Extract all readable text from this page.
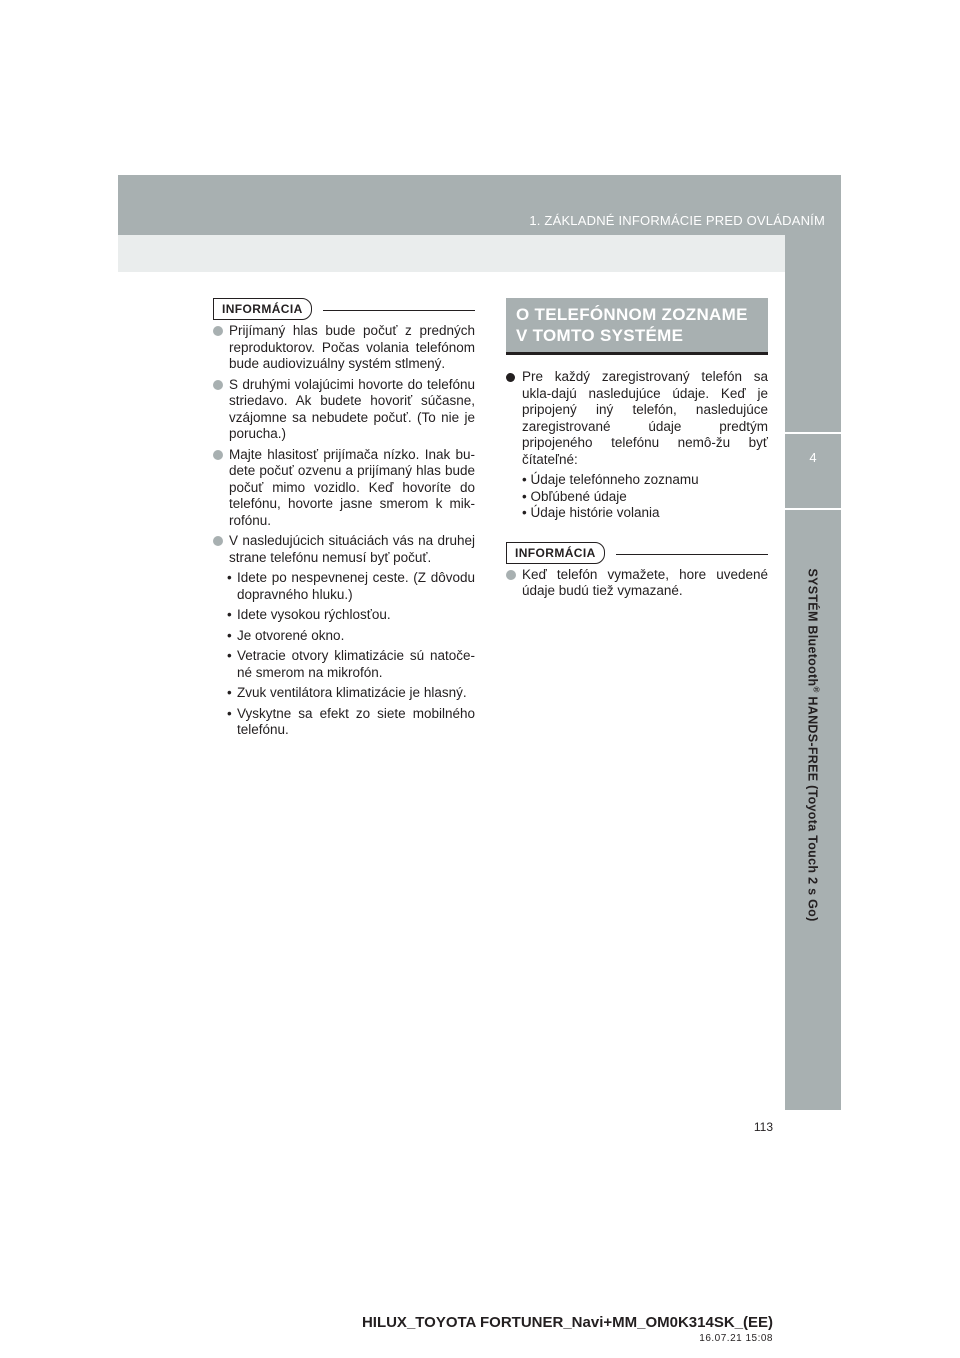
1. ZÁKLADNÉ INFORMÁCIE PRED OVLÁDANÍM
4
SYSTÉM Bluetooth® HANDS-FREE (Toyota Touch 2 s Go)
INFORMÁCIA
Prijímaný hlas bude počuť z predných reproduktorov. Počas volania telefónom bude audiovizuálny systém stlmený.
S druhými volajúcimi hovorte do telefónu striedavo. Ak budete hovoriť súčasne, vzájomne sa nebudete počuť. (To nie je porucha.)
Majte hlasitosť prijímača nízko. Inak bu-dete počuť ozvenu a prijímaný hlas bude počuť mimo vozidlo. Keď hovoríte do telefónu, hovorte jasne smerom k mik-rofónu.
V nasledujúcich situáciách vás na druhej strane telefónu nemusí byť počuť.
• Idete po nespevnenej ceste. (Z dôvodu dopravného hluku.)
• Idete vysokou rýchlosťou.
• Je otvorené okno.
• Vetracie otvory klimatizácie sú natoče-né smerom na mikrofón.
• Zvuk ventilátora klimatizácie je hlasný.
• Vyskytne sa efekt zo siete mobilného telefónu.
O TELEFÓNNOM ZOZNAME
V TOMTO SYSTÉME
Pre každý zaregistrovaný telefón sa ukla-dajú nasledujúce údaje. Keď je pripojený iný telefón, nasledujúce zaregistrované údaje predtým pripojeného telefónu nemô-žu byť čítateľné:
• Údaje telefónneho zoznamu
• Obľúbené údaje
• Údaje histórie volania
INFORMÁCIA
Keď telefón vymažete, hore uvedené údaje budú tiež vymazané.
113
HILUX_TOYOTA FORTUNER_Navi+MM_OM0K314SK_(EE)
16.07.21 15:08
